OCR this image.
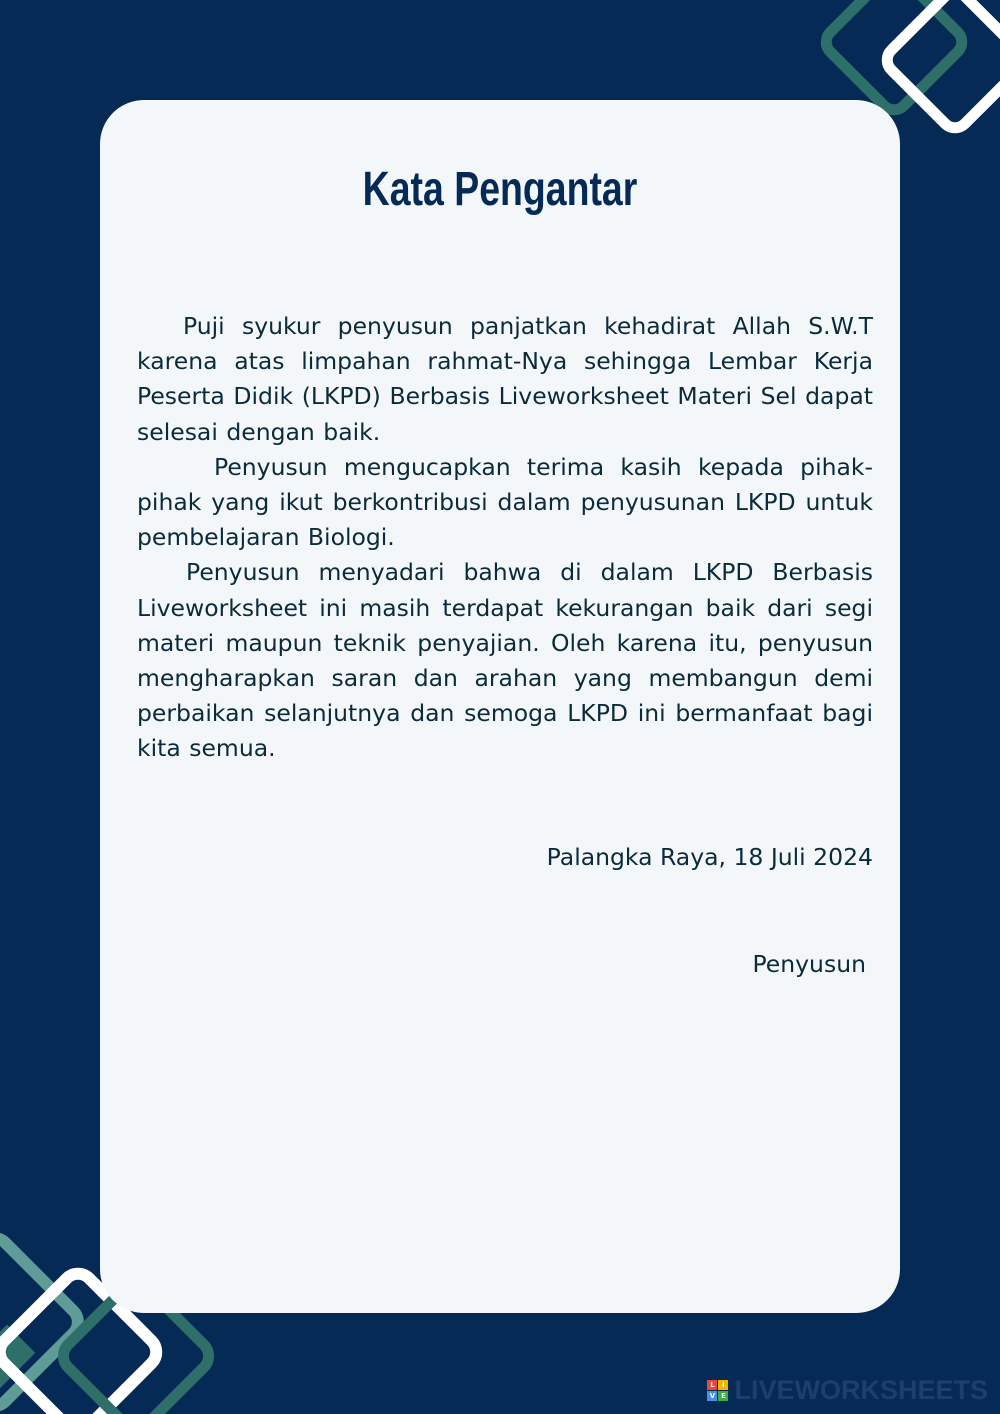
Kata Pengantar

Puji syukur penyusun panjatkan kehadirat Allah S.W.T karena atas limpahan rahmat-Nya sehingga Lembar Kerja Peserta Didik (LKPD) Berbasis Liveworksheet Materi Sel dapat selesai dengan baik.

Penyusun mengucapkan terima kasih kepada pihak-pihak yang ikut berkontribusi dalam penyusunan LKPD untuk pembelajaran Biologi.

Penyusun menyadari bahwa di dalam LKPD Berbasis Liveworksheet ini masih terdapat kekurangan baik dari segi materi maupun teknik penyajian. Oleh karena itu, penyusun mengharapkan saran dan arahan yang membangun demi perbaikan selanjutnya dan semoga LKPD ini bermanfaat bagi kita semua.

Palangka Raya, 18 Juli 2024
Penyusun
L	I
V E LIVEWORKSHEETS
